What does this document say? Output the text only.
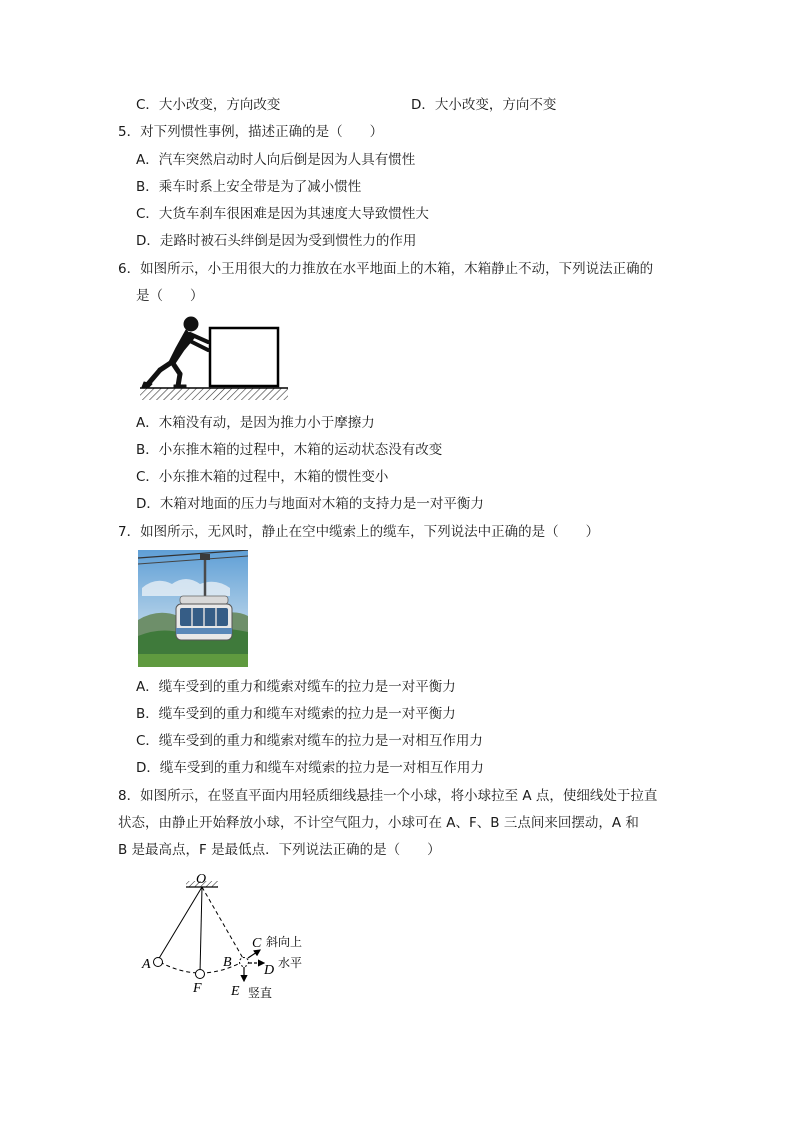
C．大小改变，方向改变	D．大小改变，方向不变
5．对下列惯性事例，描述正确的是（　　）
A．汽车突然启动时人向后倒是因为人具有惯性
B．乘车时系上安全带是为了减小惯性
C．大货车刹车很困难是因为其速度大导致惯性大
D．走路时被石头绊倒是因为受到惯性力的作用
6．如图所示，小王用很大的力推放在水平地面上的木箱，木箱静止不动，下列说法正确的
是（　　）
A．木箱没有动，是因为推力小于摩擦力
B．小东推木箱的过程中，木箱的运动状态没有改变
C．小东推木箱的过程中，木箱的惯性变小
D．木箱对地面的压力与地面对木箱的支持力是一对平衡力
7．如图所示，无风时，静止在空中缆索上的缆车，下列说法中正确的是（　　）
A．缆车受到的重力和缆索对缆车的拉力是一对平衡力
B．缆车受到的重力和缆车对缆索的拉力是一对平衡力
C．缆车受到的重力和缆索对缆车的拉力是一对相互作用力
D．缆车受到的重力和缆车对缆索的拉力是一对相互作用力
8．如图所示，在竖直平面内用轻质细线悬挂一个小球，将小球拉至 A 点，使细线处于拉直
状态，由静止开始释放小球，不计空气阻力，小球可在 A、F、B 三点间来回摆动，A 和
B 是最高点，F 是最低点．下列说法正确的是（　　）
O
A
F
B
C 斜向上
D 水平
E 竖直
